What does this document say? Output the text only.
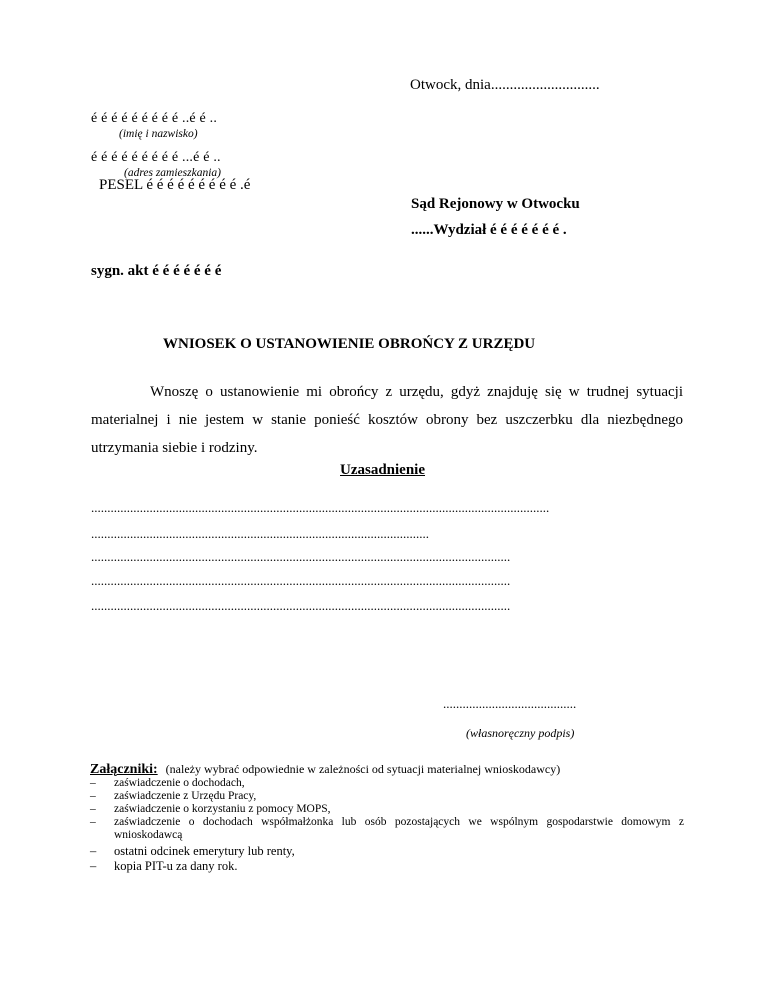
Otwock, dnia.............................
é é é é é é é é é ..é é ..
(imię i nazwisko)
é é é é é é é é é ...é é ..
(adres zamieszkania)
PESEL é é é é é é é é é .é
Sąd Rejonowy w Otwocku
......Wydział é é é é é é é .
sygn. akt é é é é é é é
WNIOSEK O USTANOWIENIE OBROŃCY Z URZĘDU
Wnoszę o ustanowienie mi obrońcy z urzędu, gdyż znajduję się w trudnej sytuacji
materialnej i nie jestem w stanie ponieść kosztów obrony bez uszczerbku dla niezbędnego
utrzymania siebie i rodziny.
Uzasadnienie
.............................................................................................................................................
........................................................................................................
.................................................................................................................................
.................................................................................................................................
.................................................................................................................................
.........................................
(własnoręczny podpis)
Załączniki: (należy wybrać odpowiednie w zależności od sytuacji materialnej wnioskodawcy)
– zaświadczenie o dochodach,
– zaświadczenie z Urzędu Pracy,
– zaświadczenie o korzystaniu z pomocy MOPS,
– zaświadczenie o dochodach współmałżonka lub osób pozostających we wspólnym gospodarstwie domowym z wnioskodawcą
– ostatni odcinek emerytury lub renty,
– kopia PIT-u za dany rok.
